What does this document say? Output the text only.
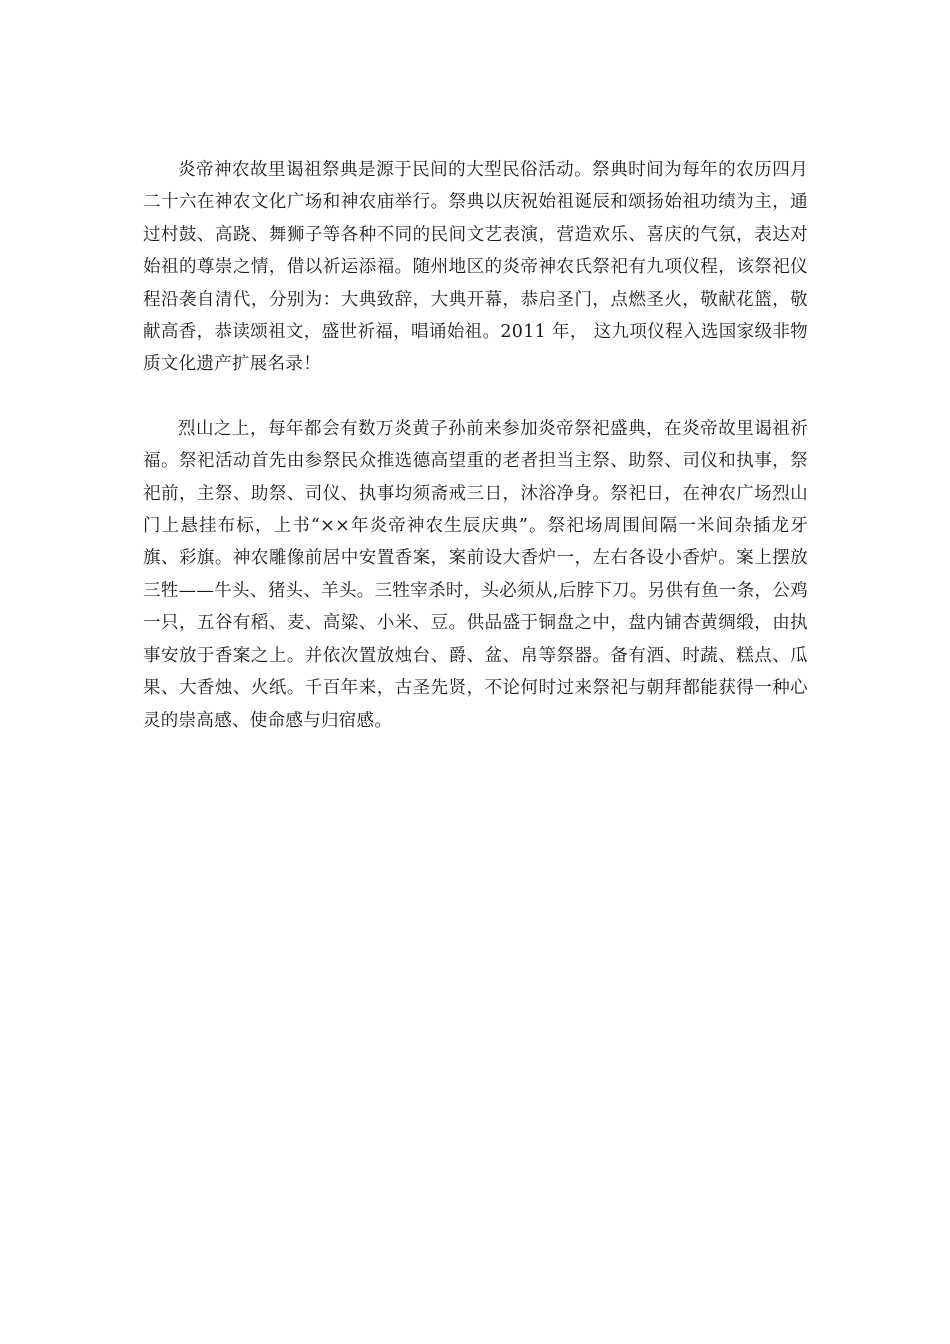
炎帝神农故里谒祖祭典是源于民间的大型民俗活动。祭典时间为每年的农历四月二十六在神农文化广场和神农庙举行。祭典以庆祝始祖诞辰和颂扬始祖功绩为主，通过村鼓、高跷、舞狮子等各种不同的民间文艺表演，营造欢乐、喜庆的气氛，表达对始祖的尊崇之情，借以祈运添福。随州地区的炎帝神农氏祭祀有九项仪程，该祭祀仪程沿袭自清代，分别为：大典致辞，大典开幕，恭启圣门，点燃圣火，敬献花篮，敬献高香，恭读颂祖文，盛世祈福，唱诵始祖。2011 年， 这九项仪程入选国家级非物质文化遗产扩展名录！

烈山之上，每年都会有数万炎黄子孙前来参加炎帝祭祀盛典，在炎帝故里谒祖祈福。祭祀活动首先由参祭民众推选德高望重的老者担当主祭、助祭、司仪和执事，祭祀前，主祭、助祭、司仪、执事均须斋戒三日，沐浴净身。祭祀日，在神农广场烈山门上悬挂布标，上书“××年炎帝神农生辰庆典”。祭祀场周围间隔一米间杂插龙牙旗、彩旗。神农雕像前居中安置香案，案前设大香炉一，左右各设小香炉。案上摆放三牲——牛头、猪头、羊头。三牲宰杀时，头必须从,后脖下刀。另供有鱼一条，公鸡一只，五谷有稻、麦、高粱、小米、豆。供品盛于铜盘之中，盘内铺杏黄绸缎，由执事安放于香案之上。并依次置放烛台、爵、盆、帛等祭器。备有酒、时蔬、糕点、瓜果、大香烛、火纸。千百年来，古圣先贤，不论何时过来祭祀与朝拜都能获得一种心灵的崇高感、使命感与归宿感。
